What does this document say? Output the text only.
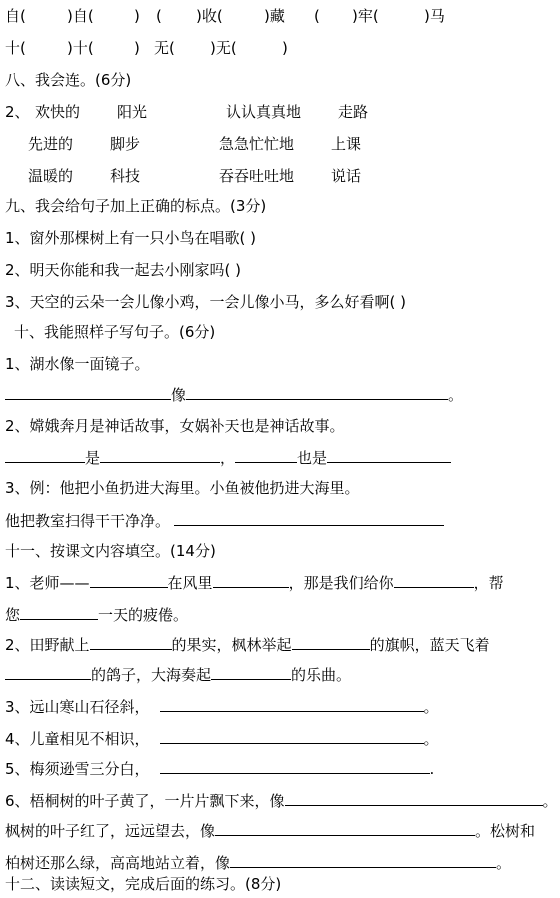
自(	)自(	) ( )收(	)藏 ( )牢(	)马
十(	)十(	) 无( )无(	)
八、我会连。(6分)
2、 欢快的 阳光	认认真真地 走路
先进的 脚步	急急忙忙地 上课
温暖的 科技	吞吞吐吐地 说话
九、我会给句子加上正确的标点。(3分)
1、窗外那棵树上有一只小鸟在唱歌( )
2、明天你能和我一起去小刚家吗( )
3、天空的云朵一会儿像小鸡，一会儿像小马，多么好看啊( )
十、我能照样子写句子。(6分)
1、湖水像一面镜子。
像	。
2、嫦娥奔月是神话故事，女娲补天也是神话故事。
是	，	也是
3、例：他把小鱼扔进大海里。小鱼被他扔进大海里。
他把教室扫得干干净净。
十一、按课文内容填空。(14分)
1、老师——	在风里	，那是我们给你	，帮
您	一天的疲倦。
2、田野献上	的果实，枫林举起	的旗帜，蓝天飞着
的鸽子，大海奏起	的乐曲。
3、远山寒山石径斜，	。
4、儿童相见不相识，	。
5、梅须逊雪三分白，	.
6、梧桐树的叶子黄了，一片片飘下来，像	。
枫树的叶子红了，远远望去，像	。松树和
柏树还那么绿，高高地站立着，像	。
十二、读读短文，完成后面的练习。(8分)
